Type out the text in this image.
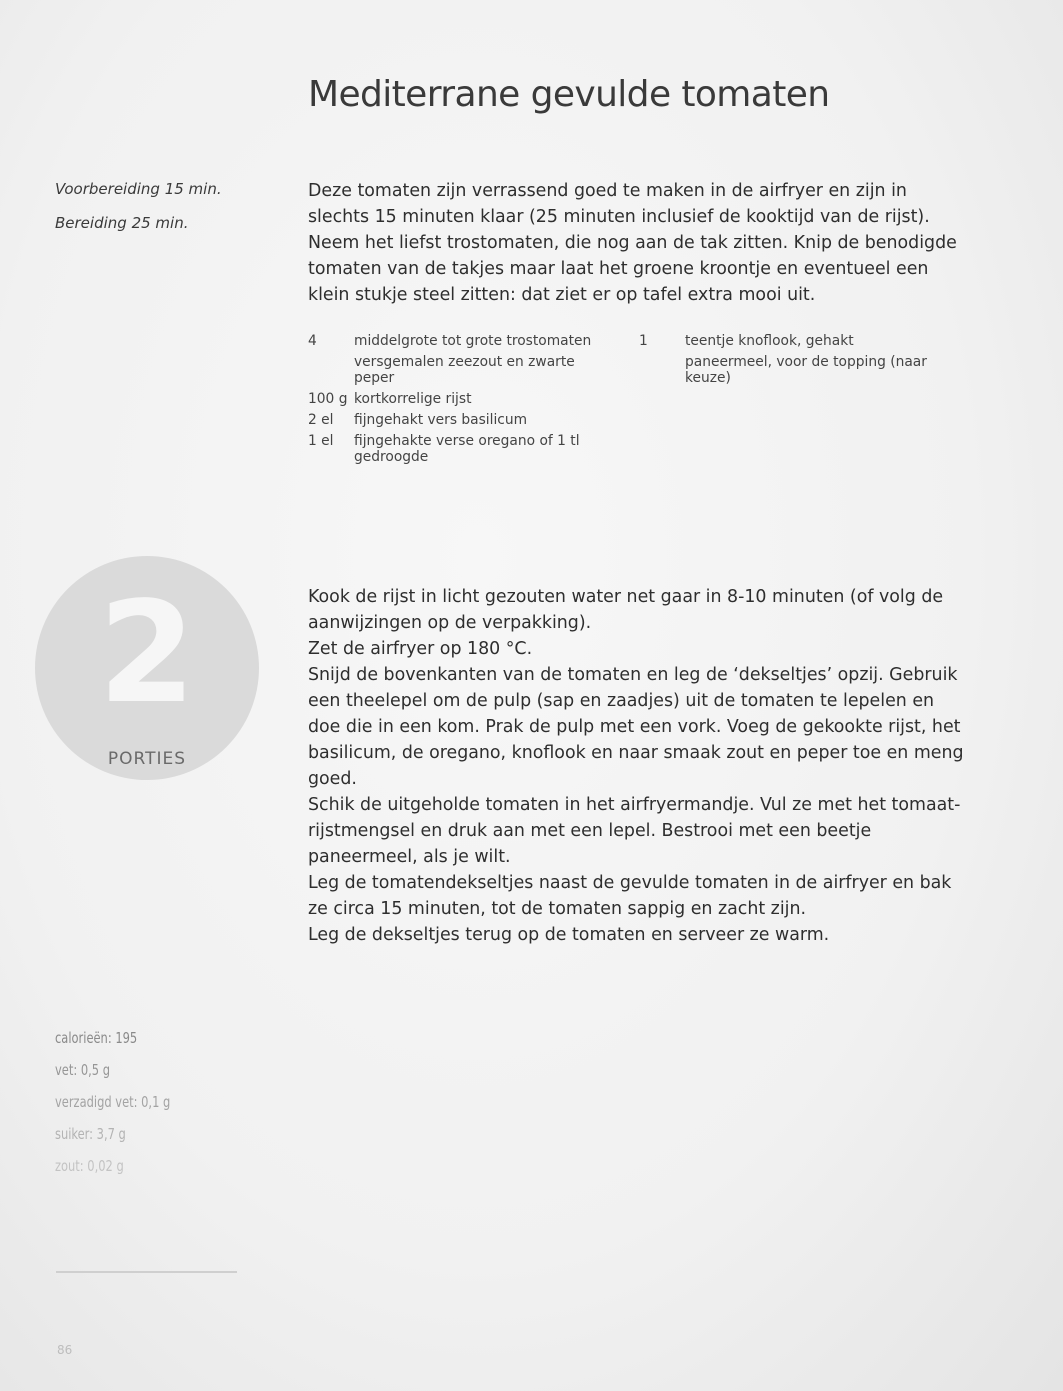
Mediterrane gevulde tomaten

Voorbereiding 15 min.

Bereiding 25 min.

Deze tomaten zijn verrassend goed te maken in de airfryer en zijn in slechts 15 minuten klaar (25 minuten inclusief de kooktijd van de rijst). Neem het liefst trostomaten, die nog aan de tak zitten. Knip de benodigde tomaten van de takjes maar laat het groene kroontje en eventueel een klein stukje steel zitten: dat ziet er op tafel extra mooi uit.

4	middelgrote tot grote trostomaten
versgemalen zeezout en zwarte peper
100 g kortkorrelige rijst
2 el	fijngehakt vers basilicum
1 el	fijngehakte verse oregano of 1 tl gedroogde
1	teentje knoflook, gehakt
paneermeel, voor de topping (naar keuze)
2
PORTIES

Kook de rijst in licht gezouten water net gaar in 8-10 minuten (of volg de aanwijzingen op de verpakking).

Zet de airfryer op 180 °C.

Snijd de bovenkanten van de tomaten en leg de ‘dekseltjes’ opzij. Gebruik een theelepel om de pulp (sap en zaadjes) uit de tomaten te lepelen en doe die in een kom. Prak de pulp met een vork. Voeg de gekookte rijst, het basilicum, de oregano, knoflook en naar smaak zout en peper toe en meng goed.

Schik de uitgeholde tomaten in het airfryermandje. Vul ze met het tomaat-rijstmengsel en druk aan met een lepel. Bestrooi met een beetje paneermeel, als je wilt.

Leg de tomatendekseltjes naast de gevulde tomaten in de airfryer en bak ze circa 15 minuten, tot de tomaten sappig en zacht zijn.

Leg de dekseltjes terug op de tomaten en serveer ze warm.

calorieën: 195

vet: 0,5 g

verzadigd vet: 0,1 g

suiker: 3,7 g

zout: 0,02 g

86
